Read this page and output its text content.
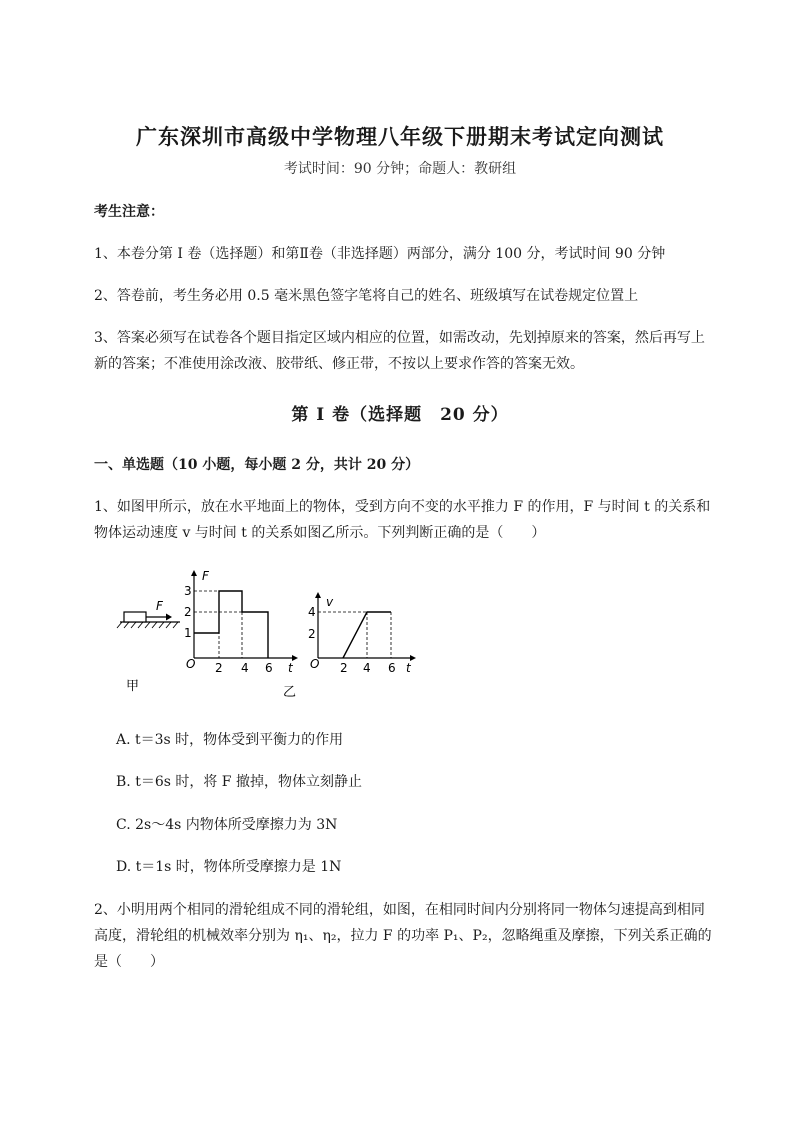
广东深圳市高级中学物理八年级下册期末考试定向测试
考试时间：90 分钟；命题人：教研组
考生注意：
1、本卷分第 I 卷（选择题）和第Ⅱ卷（非选择题）两部分，满分 100 分，考试时间 90 分钟
2、答卷前，考生务必用 0.5 毫米黑色签字笔将自己的姓名、班级填写在试卷规定位置上
3、答案必须写在试卷各个题目指定区域内相应的位置，如需改动，先划掉原来的答案，然后再写上新的答案；不准使用涂改液、胶带纸、修正带，不按以上要求作答的答案无效。
第 I 卷（选择题　20 分）
一、单选题（10 小题，每小题 2 分，共计 20 分）
1、如图甲所示，放在水平地面上的物体，受到方向不变的水平推力 F 的作用，F 与时间 t 的关系和物体运动速度 v 与时间 t 的关系如图乙所示。下列判断正确的是（　　）
F
甲
F
O	t
1
2
3
2 4 6
v
O	t
2
4
2 4 6
乙
A. t＝3s 时，物体受到平衡力的作用
B. t＝6s 时，将 F 撤掉，物体立刻静止
C. 2s～4s 内物体所受摩擦力为 3N
D. t＝1s 时，物体所受摩擦力是 1N
2、小明用两个相同的滑轮组成不同的滑轮组，如图，在相同时间内分别将同一物体匀速提高到相同高度，滑轮组的机械效率分别为 η₁、η₂，拉力 F 的功率 P₁、P₂，忽略绳重及摩擦，下列关系正确的是（　　）
